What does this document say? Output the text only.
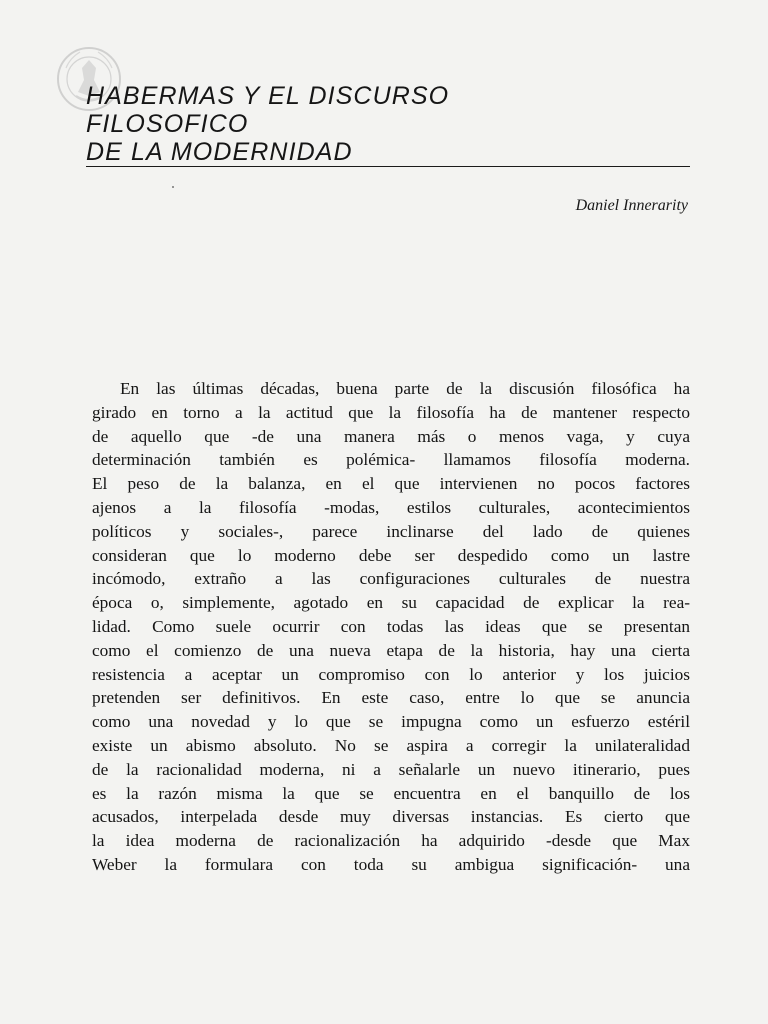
HABERMAS Y EL DISCURSO
FILOSOFICO
DE LA MODERNIDAD
Daniel Innerarity
En las últimas décadas, buena parte de la discusión filosófica ha
girado en torno a la actitud que la filosofía ha de mantener respecto
de aquello que -de una manera más o menos vaga, y cuya
determinación también es polémica- llamamos filosofía moderna.
El peso de la balanza, en el que intervienen no pocos factores
ajenos a la filosofía -modas, estilos culturales, acontecimientos
políticos y sociales-, parece inclinarse del lado de quienes
consideran que lo moderno debe ser despedido como un lastre
incómodo, extraño a las configuraciones culturales de nuestra
época o, simplemente, agotado en su capacidad de explicar la rea-
lidad. Como suele ocurrir con todas las ideas que se presentan
como el comienzo de una nueva etapa de la historia, hay una cierta
resistencia a aceptar un compromiso con lo anterior y los juicios
pretenden ser definitivos. En este caso, entre lo que se anuncia
como una novedad y lo que se impugna como un esfuerzo estéril
existe un abismo absoluto. No se aspira a corregir la unilateralidad
de la racionalidad moderna, ni a señalarle un nuevo itinerario, pues
es la razón misma la que se encuentra en el banquillo de los
acusados, interpelada desde muy diversas instancias. Es cierto que
la idea moderna de racionalización ha adquirido -desde que Max
Weber la formulara con toda su ambigua significación- una
